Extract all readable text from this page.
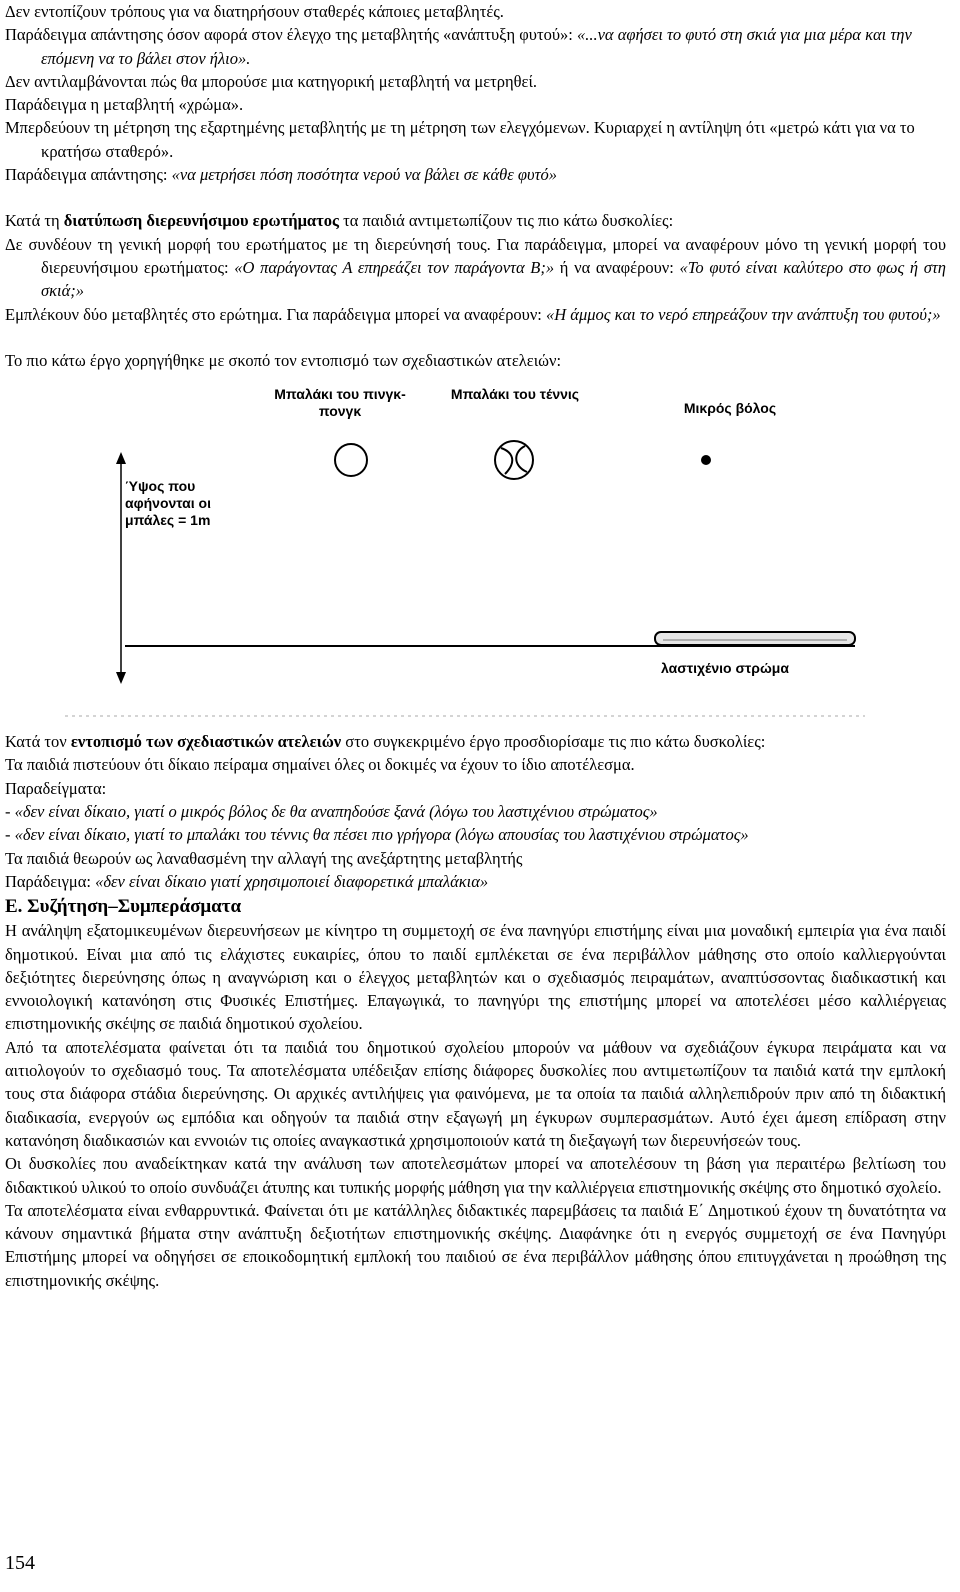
Δεν εντοπίζουν τρόπους για να διατηρήσουν σταθερές κάποιες μεταβλητές.

Παράδειγμα απάντησης όσον αφορά στον έλεγχο της μεταβλητής «ανάπτυξη φυτού»: «...να αφήσει το φυτό στη σκιά για μια μέρα και την επόμενη να το βάλει στον ήλιο».

Δεν αντιλαμβάνονται πώς θα μπορούσε μια κατηγορική μεταβλητή να μετρηθεί.

Παράδειγμα η μεταβλητή «χρώμα».

Μπερδεύουν τη μέτρηση της εξαρτημένης μεταβλητής με τη μέτρηση των ελεγχόμενων. Κυριαρχεί η αντίληψη ότι «μετρώ κάτι για να το κρατήσω σταθερό».

Παράδειγμα απάντησης: «να μετρήσει πόση ποσότητα νερού να βάλει σε κάθε φυτό»

Κατά τη διατύπωση διερευνήσιμου ερωτήματος τα παιδιά αντιμετωπίζουν τις πιο κάτω δυσκολίες:

Δε συνδέουν τη γενική μορφή του ερωτήματος με τη διερεύνησή τους. Για παράδειγμα, μπορεί να αναφέρουν μόνο τη γενική μορφή του διερευνήσιμου ερωτήματος: «Ο παράγοντας Α επηρεάζει τον παράγοντα Β;» ή να αναφέρουν: «Το φυτό είναι καλύτερο στο φως ή στη σκιά;»

Εμπλέκουν δύο μεταβλητές στο ερώτημα. Για παράδειγμα μπορεί να αναφέρουν: «Η άμμος και το νερό επηρεάζουν την ανάπτυξη του φυτού;»

Το πιο κάτω έργο χορηγήθηκε με σκοπό τον εντοπισμό των σχεδιαστικών ατελειών:

Μπαλάκι του πινγκ-πονγκ
Μπαλάκι του τέννις
Μικρός βόλος
Ύψος που αφήνονται οι μπάλες = 1m
λαστιχένιο στρώμα

Κατά τον εντοπισμό των σχεδιαστικών ατελειών στο συγκεκριμένο έργο προσδιορίσαμε τις πιο κάτω δυσκολίες:

Τα παιδιά πιστεύουν ότι δίκαιο πείραμα σημαίνει όλες οι δοκιμές να έχουν το ίδιο αποτέλεσμα.

Παραδείγματα:

- «δεν είναι δίκαιο, γιατί ο μικρός βόλος δε θα αναπηδούσε ξανά (λόγω του λαστιχένιου στρώματος»

- «δεν είναι δίκαιο, γιατί το μπαλάκι του τέννις θα πέσει πιο γρήγορα (λόγω απουσίας του λαστιχένιου στρώματος»

Τα παιδιά θεωρούν ως λαναθασμένη την αλλαγή της ανεξάρτητης μεταβλητής

Παράδειγμα: «δεν είναι δίκαιο γιατί χρησιμοποιεί διαφορετικά μπαλάκια»

Ε. Συζήτηση–Συμπεράσματα

Η ανάληψη εξατομικευμένων διερευνήσεων με κίνητρο τη συμμετοχή σε ένα πανηγύρι επιστήμης είναι μια μοναδική εμπειρία για ένα παιδί δημοτικού. Είναι μια από τις ελάχιστες ευκαιρίες, όπου το παιδί εμπλέκεται σε ένα περιβάλλον μάθησης στο οποίο καλλιεργούνται δεξιότητες διερεύνησης όπως η αναγνώριση και ο έλεγχος μεταβλητών και ο σχεδιασμός πειραμάτων, αναπτύσσοντας διαδικαστική και εννοιολογική κατανόηση στις Φυσικές Επιστήμες. Επαγωγικά, το πανηγύρι της επιστήμης μπορεί να αποτελέσει μέσο καλλιέργειας επιστημονικής σκέψης σε παιδιά δημοτικού σχολείου.

Από τα αποτελέσματα φαίνεται ότι τα παιδιά του δημοτικού σχολείου μπορούν να μάθουν να σχεδιάζουν έγκυρα πειράματα και να αιτιολογούν το σχεδιασμό τους. Τα αποτελέσματα υπέδειξαν επίσης διάφορες δυσκολίες που αντιμετωπίζουν τα παιδιά κατά την εμπλοκή τους στα διάφορα στάδια διερεύνησης. Οι αρχικές αντιλήψεις για φαινόμενα, με τα οποία τα παιδιά αλληλεπιδρούν πριν από τη διδακτική διαδικασία, ενεργούν ως εμπόδια και οδηγούν τα παιδιά στην εξαγωγή μη έγκυρων συμπερασμάτων. Αυτό έχει άμεση επίδραση στην κατανόηση διαδικασιών και εννοιών τις οποίες αναγκαστικά χρησιμοποιούν κατά τη διεξαγωγή των διερευνήσεών τους.

Οι δυσκολίες που αναδείκτηκαν κατά την ανάλυση των αποτελεσμάτων μπορεί να αποτελέσουν τη βάση για περαιτέρω βελτίωση του διδακτικού υλικού το οποίο συνδυάζει άτυπης και τυπικής μορφής μάθηση για την καλλιέργεια επιστημονικής σκέψης στο δημοτικό σχολείο.

Τα αποτελέσματα είναι ενθαρρυντικά. Φαίνεται ότι με κατάλληλες διδακτικές παρεμβάσεις τα παιδιά Ε΄ Δημοτικού έχουν τη δυνατότητα να κάνουν σημαντικά βήματα στην ανάπτυξη δεξιοτήτων επιστημονικής σκέψης. Διαφάνηκε ότι η ενεργός συμμετοχή σε ένα Πανηγύρι Επιστήμης μπορεί να οδηγήσει σε εποικοδομητική εμπλοκή του παιδιού σε ένα περιβάλλον μάθησης όπου επιτυγχάνεται η προώθηση της επιστημονικής σκέψης.

154
